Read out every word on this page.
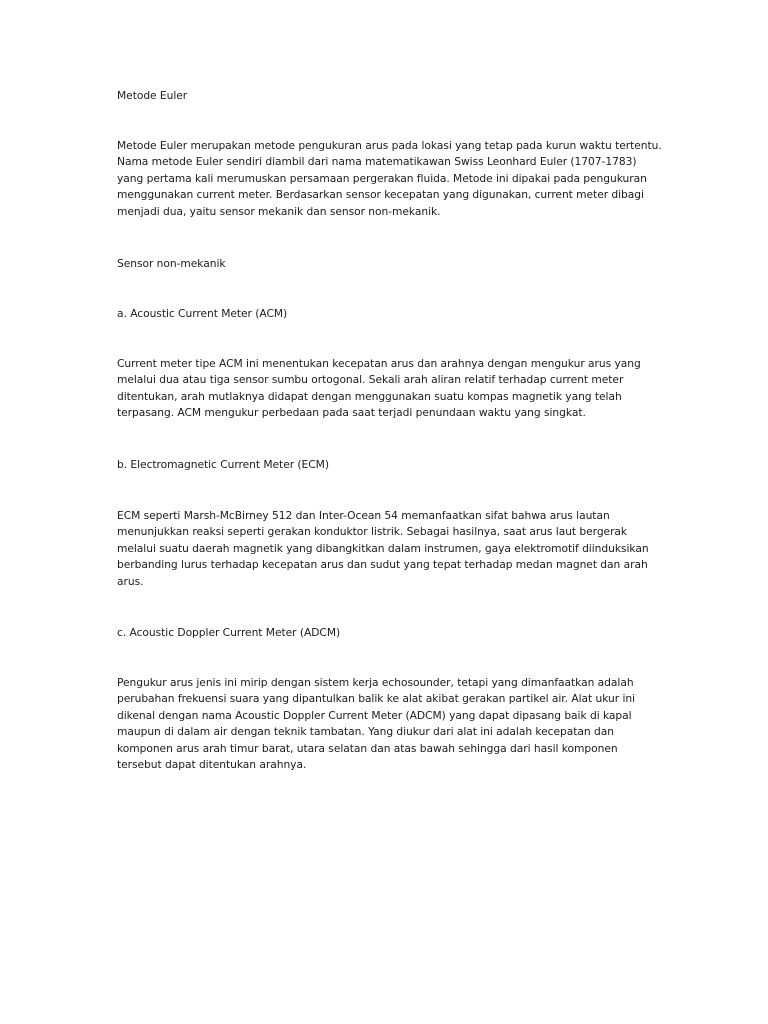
Metode Euler

Metode Euler merupakan metode pengukuran arus pada lokasi yang tetap pada kurun waktu tertentu.
Nama metode Euler sendiri diambil dari nama matematikawan Swiss Leonhard Euler (1707-1783)
yang pertama kali merumuskan persamaan pergerakan fluida. Metode ini dipakai pada pengukuran
menggunakan current meter. Berdasarkan sensor kecepatan yang digunakan, current meter dibagi
menjadi dua, yaitu sensor mekanik dan sensor non-mekanik.

Sensor non-mekanik

a. Acoustic Current Meter (ACM)

Current meter tipe ACM ini menentukan kecepatan arus dan arahnya dengan mengukur arus yang
melalui dua atau tiga sensor sumbu ortogonal. Sekali arah aliran relatif terhadap current meter
ditentukan, arah mutlaknya didapat dengan menggunakan suatu kompas magnetik yang telah
terpasang. ACM mengukur perbedaan pada saat terjadi penundaan waktu yang singkat.

b. Electromagnetic Current Meter (ECM)

ECM seperti Marsh-McBirney 512 dan Inter-Ocean 54 memanfaatkan sifat bahwa arus lautan
menunjukkan reaksi seperti gerakan konduktor listrik. Sebagai hasilnya, saat arus laut bergerak
melalui suatu daerah magnetik yang dibangkitkan dalam instrumen, gaya elektromotif diinduksikan
berbanding lurus terhadap kecepatan arus dan sudut yang tepat terhadap medan magnet dan arah
arus.

c. Acoustic Doppler Current Meter (ADCM)

Pengukur arus jenis ini mirip dengan sistem kerja echosounder, tetapi yang dimanfaatkan adalah
perubahan frekuensi suara yang dipantulkan balik ke alat akibat gerakan partikel air. Alat ukur ini
dikenal dengan nama Acoustic Doppler Current Meter (ADCM) yang dapat dipasang baik di kapal
maupun di dalam air dengan teknik tambatan. Yang diukur dari alat ini adalah kecepatan dan
komponen arus arah timur barat, utara selatan dan atas bawah sehingga dari hasil komponen
tersebut dapat ditentukan arahnya.
